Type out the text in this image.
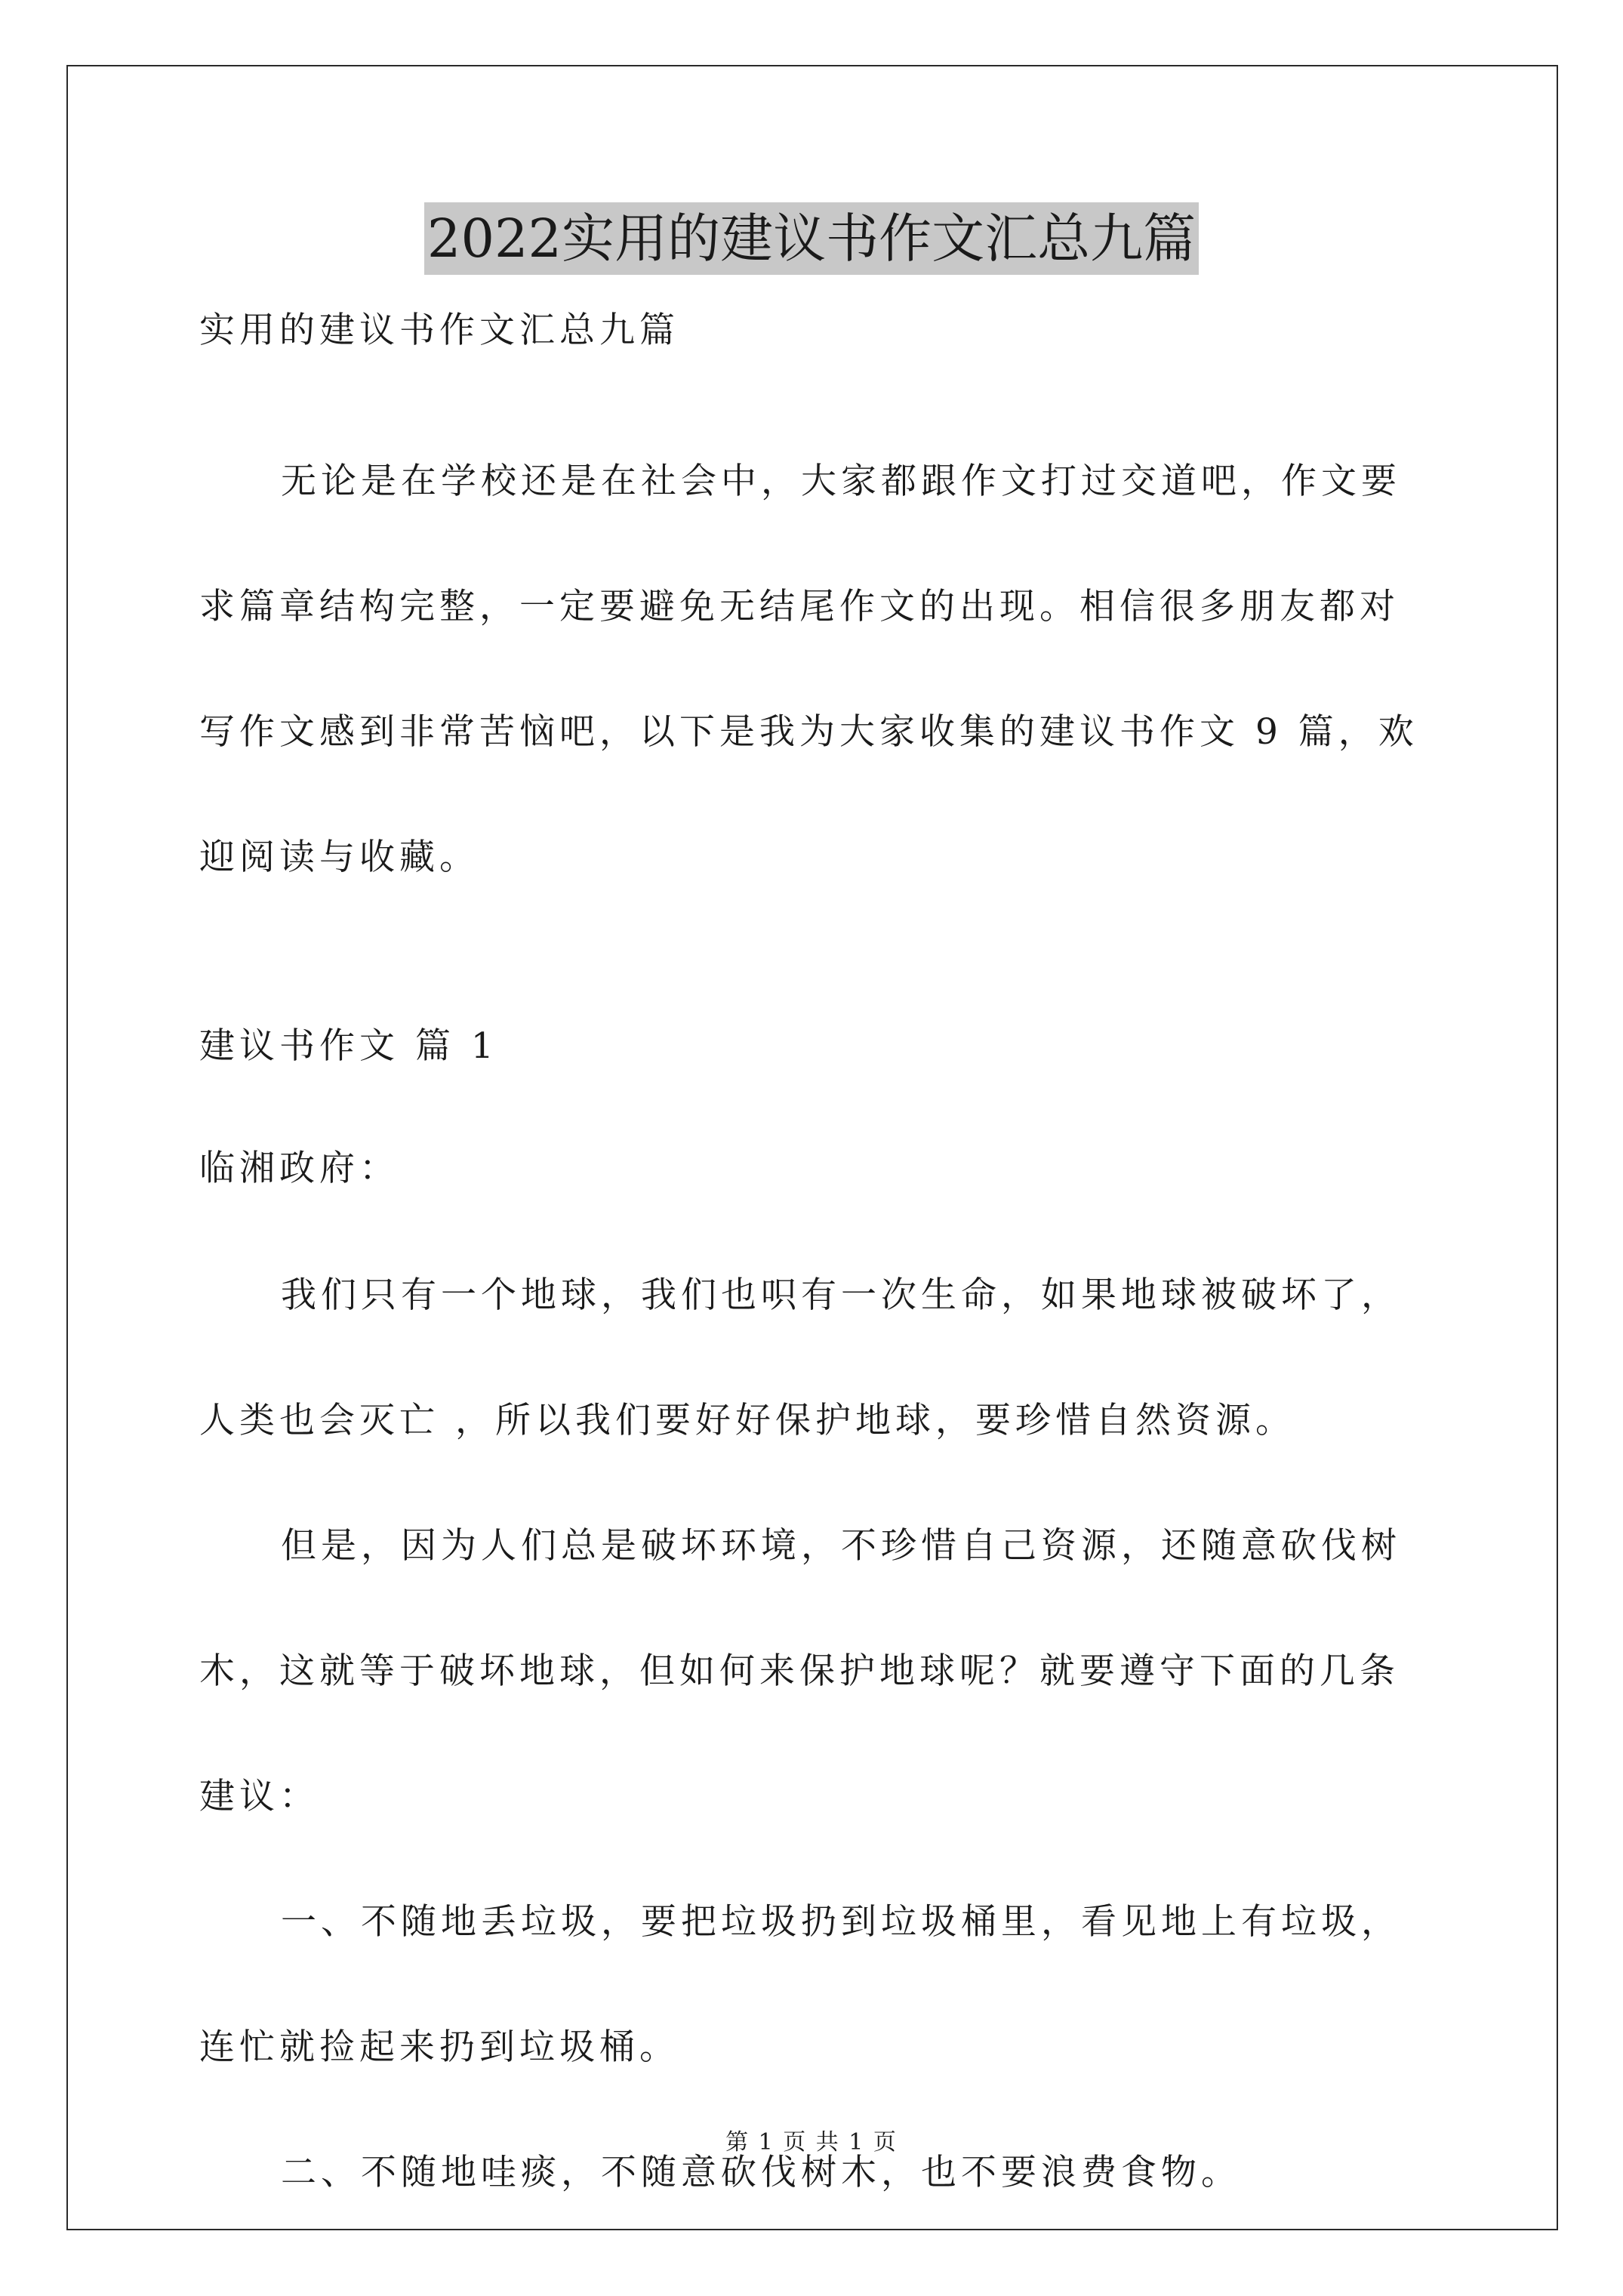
2022实用的建议书作文汇总九篇
实用的建议书作文汇总九篇
无论是在学校还是在社会中，大家都跟作文打过交道吧，作文要
求篇章结构完整，一定要避免无结尾作文的出现。相信很多朋友都对
写作文感到非常苦恼吧，以下是我为大家收集的建议书作文 9 篇，欢
迎阅读与收藏。
建议书作文 篇 1
临湘政府：
我们只有一个地球，我们也呮有一次生命，如果地球被破坏了，
人类也会灭亡 ，所以我们要好好保护地球，要珍惜自然资源。
但是，因为人们总是破坏环境，不珍惜自己资源，还随意砍伐树
木，这就等于破坏地球，但如何来保护地球呢？就要遵守下面的几条
建议：
一、不随地丢垃圾，要把垃圾扔到垃圾桶里，看见地上有垃圾，
连忙就捡起来扔到垃圾桶。
二、不随地哇痰，不随意砍伐树木，也不要浪费食物。
第 1 页 共 1 页
